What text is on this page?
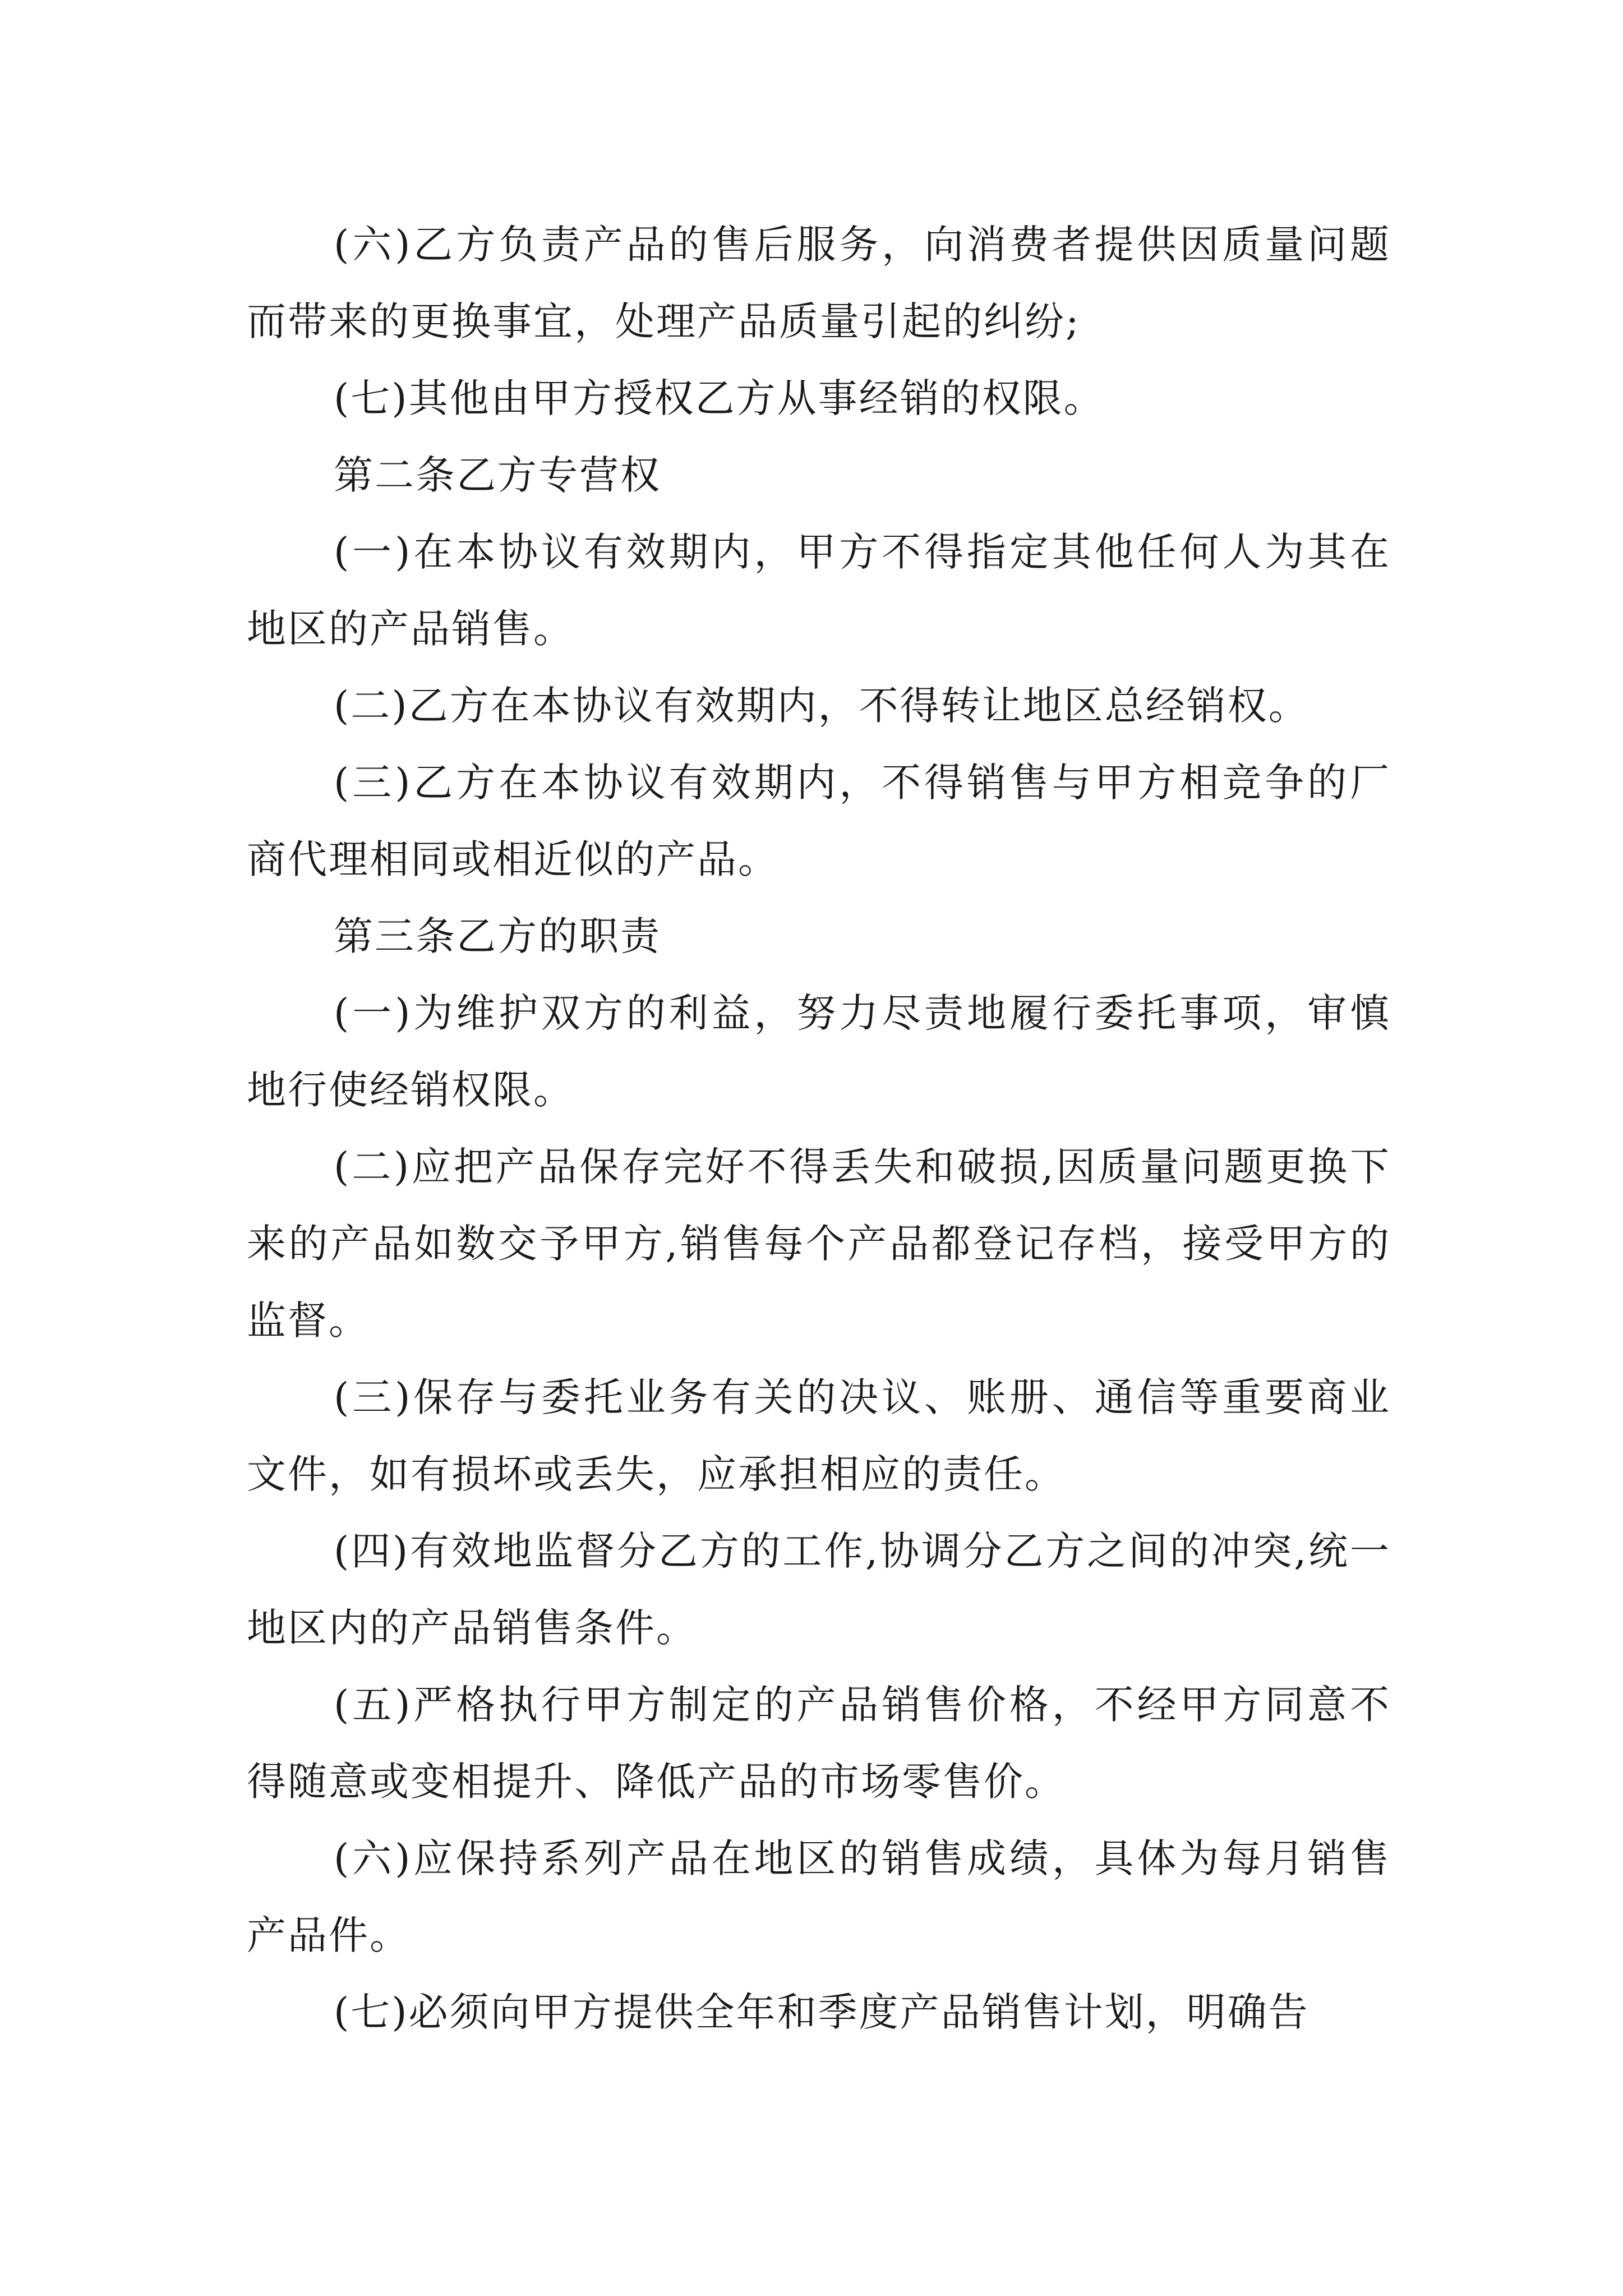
(六)乙方负责产品的售后服务，向消费者提供因质量问题而带来的更换事宜，处理产品质量引起的纠纷;

(七)其他由甲方授权乙方从事经销的权限。

第二条乙方专营权

(一)在本协议有效期内，甲方不得指定其他任何人为其在地区的产品销售。

(二)乙方在本协议有效期内，不得转让地区总经销权。

(三)乙方在本协议有效期内，不得销售与甲方相竞争的厂商代理相同或相近似的产品。

第三条乙方的职责

(一)为维护双方的利益，努力尽责地履行委托事项，审慎地行使经销权限。

(二)应把产品保存完好不得丢失和破损,因质量问题更换下来的产品如数交予甲方,销售每个产品都登记存档，接受甲方的监督。

(三)保存与委托业务有关的决议、账册、通信等重要商业文件，如有损坏或丢失，应承担相应的责任。

(四)有效地监督分乙方的工作,协调分乙方之间的冲突,统一地区内的产品销售条件。

(五)严格执行甲方制定的产品销售价格，不经甲方同意不得随意或变相提升、降低产品的市场零售价。

(六)应保持系列产品在地区的销售成绩，具体为每月销售产品件。

(七)必须向甲方提供全年和季度产品销售计划，明确告
